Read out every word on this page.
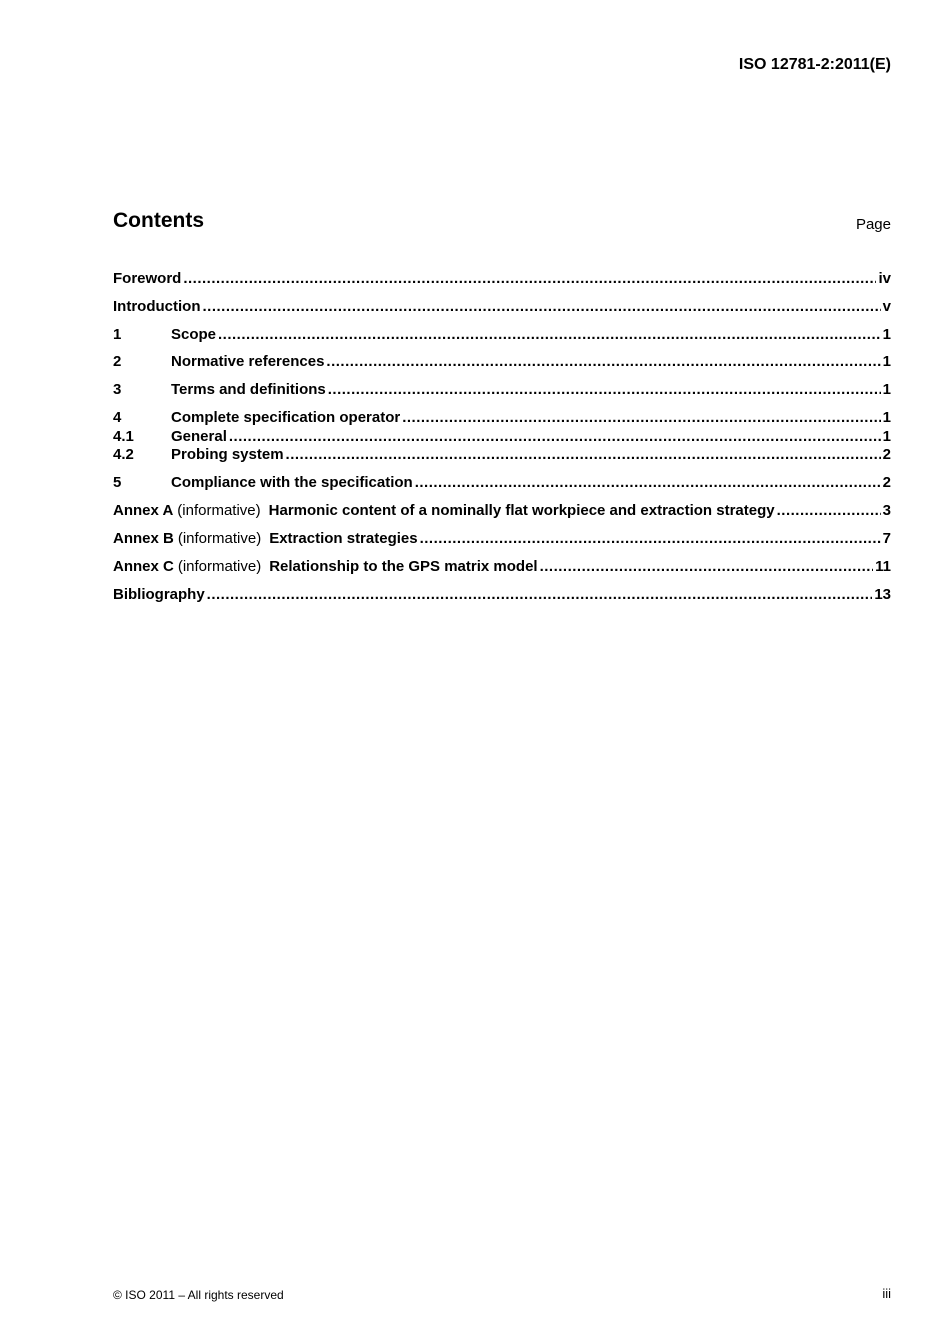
ISO 12781-2:2011(E)
Contents	Page
Foreword .....	iv
Introduction .....	v
1	Scope .....	1
2	Normative references .....	1
3	Terms and definitions .....	1
4	Complete specification operator .....	1
4.1	General .....	1
4.2	Probing system .....	2
5	Compliance with the specification .....	2
Annex A (informative) Harmonic content of a nominally flat workpiece and extraction strategy .....	3
Annex B (informative) Extraction strategies .....	7
Annex C (informative) Relationship to the GPS matrix model .....	11
Bibliography .....	13
© ISO 2011 – All rights reserved	iii
